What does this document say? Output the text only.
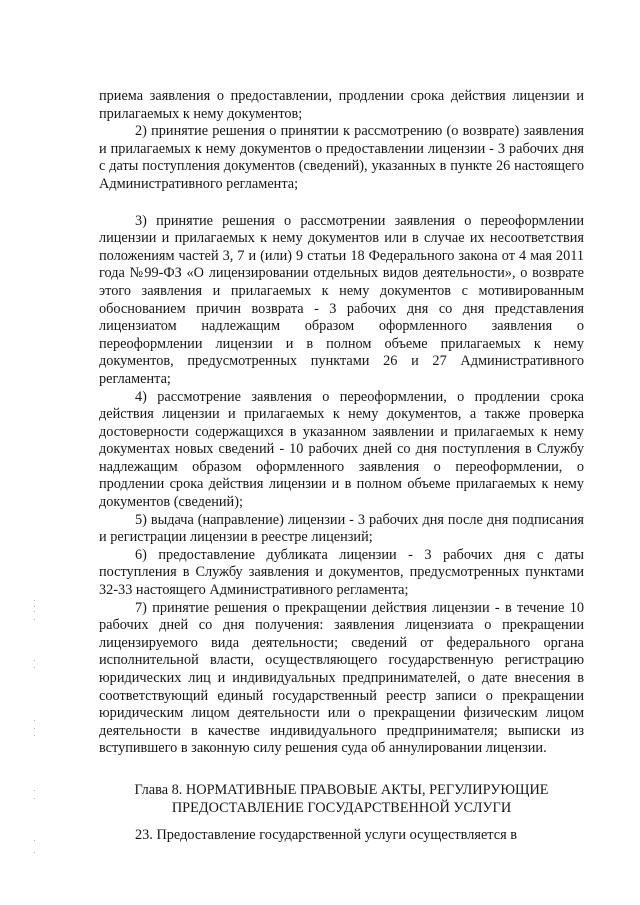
приема заявления о предоставлении, продлении срока действия лицензии и прилагаемых к нему документов;

2) принятие решения о принятии к рассмотрению (о возврате) заявления и прилагаемых к нему документов о предоставлении лицензии - 3 рабочих дня с даты поступления документов (сведений), указанных в пункте 26 настоящего Административного регламента;

3) принятие решения о рассмотрении заявления о переоформлении лицензии и прилагаемых к нему документов или в случае их несоответствия положениям частей 3, 7 и (или) 9 статьи 18 Федерального закона от 4 мая 2011 года №99-ФЗ «О лицензировании отдельных видов деятельности», о возврате этого заявления и прилагаемых к нему документов с мотивированным обоснованием причин возврата - 3 рабочих дня со дня представления лицензиатом надлежащим образом оформленного заявления о переоформлении лицензии и в полном объеме прилагаемых к нему документов, предусмотренных пунктами 26 и 27 Административного регламента;

4) рассмотрение заявления о переоформлении, о продлении срока действия лицензии и прилагаемых к нему документов, а также проверка достоверности содержащихся в указанном заявлении и прилагаемых к нему документах новых сведений - 10 рабочих дней со дня поступления в Службу надлежащим образом оформленного заявления о переоформлении, о продлении срока действия лицензии и в полном объеме прилагаемых к нему документов (сведений);

5) выдача (направление) лицензии - 3 рабочих дня после дня подписания и регистрации лицензии в реестре лицензий;

6) предоставление дубликата лицензии - 3 рабочих дня с даты поступления в Службу заявления и документов, предусмотренных пунктами 32-33 настоящего Административного регламента;

7) принятие решения о прекращении действия лицензии - в течение 10 рабочих дней со дня получения: заявления лицензиата о прекращении лицензируемого вида деятельности; сведений от федерального органа исполнительной власти, осуществляющего государственную регистрацию юридических лиц и индивидуальных предпринимателей, о дате внесения в соответствующий единый государственный реестр записи о прекращении юридическим лицом деятельности или о прекращении физическим лицом деятельности в качестве индивидуального предпринимателя; выписки из вступившего в законную силу решения суда об аннулировании лицензии.

Глава 8. НОРМАТИВНЫЕ ПРАВОВЫЕ АКТЫ, РЕГУЛИРУЮЩИЕ
ПРЕДОСТАВЛЕНИЕ ГОСУДАРСТВЕННОЙ УСЛУГИ

23. Предоставление государственной услуги осуществляется в
